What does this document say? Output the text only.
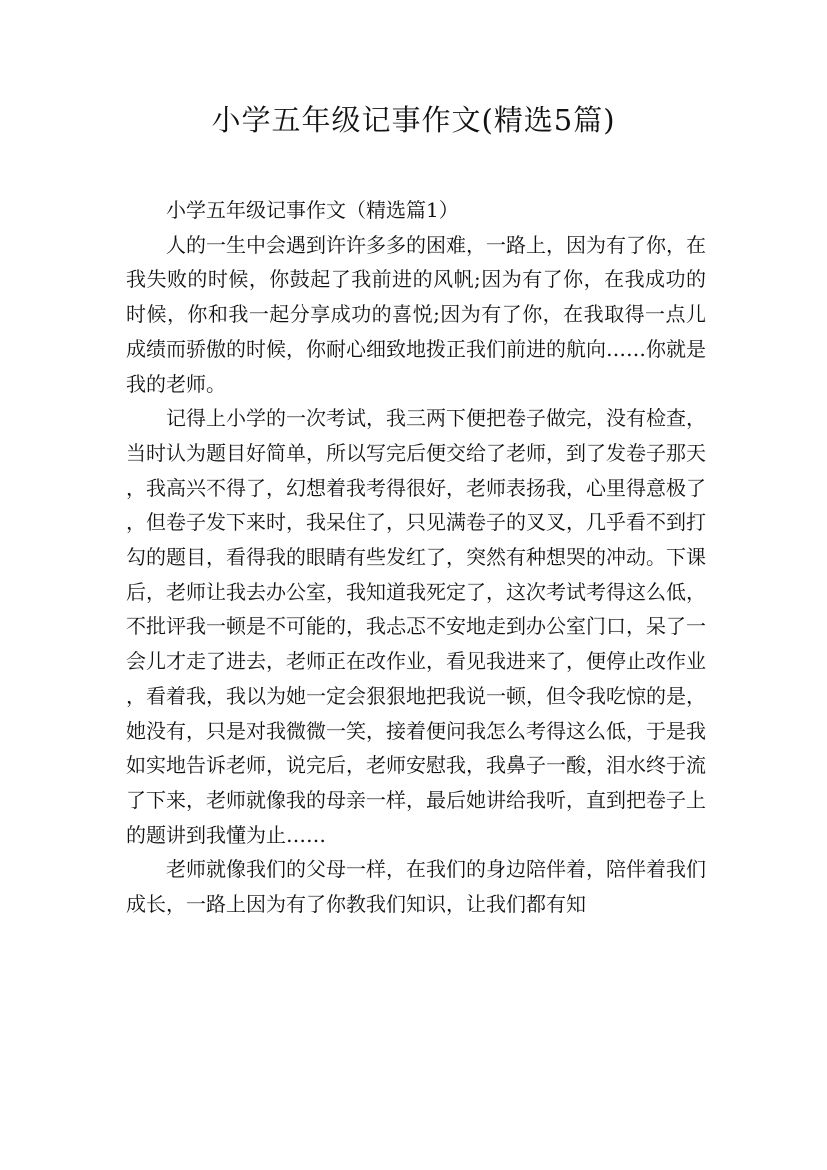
小学五年级记事作文(精选5篇)

小学五年级记事作文（精选篇1）

人的一生中会遇到许许多多的困难，一路上，因为有了你，在我失败的时候，你鼓起了我前进的风帆;因为有了你，在我成功的时候，你和我一起分享成功的喜悦;因为有了你，在我取得一点儿成绩而骄傲的时候，你耐心细致地拨正我们前进的航向……你就是我的老师。

记得上小学的一次考试，我三两下便把卷子做完，没有检查，当时认为题目好简单，所以写完后便交给了老师，到了发卷子那天，我高兴不得了，幻想着我考得很好，老师表扬我，心里得意极了，但卷子发下来时，我呆住了，只见满卷子的叉叉，几乎看不到打勾的题目，看得我的眼睛有些发红了，突然有种想哭的冲动。下课后，老师让我去办公室，我知道我死定了，这次考试考得这么低，不批评我一顿是不可能的，我忐忑不安地走到办公室门口，呆了一会儿才走了进去，老师正在改作业，看见我进来了，便停止改作业，看着我，我以为她一定会狠狠地把我说一顿，但令我吃惊的是，她没有，只是对我微微一笑，接着便问我怎么考得这么低，于是我如实地告诉老师，说完后，老师安慰我，我鼻子一酸，泪水终于流了下来，老师就像我的母亲一样，最后她讲给我听，直到把卷子上的题讲到我懂为止……

老师就像我们的父母一样，在我们的身边陪伴着，陪伴着我们成长，一路上因为有了你教我们知识，让我们都有知
